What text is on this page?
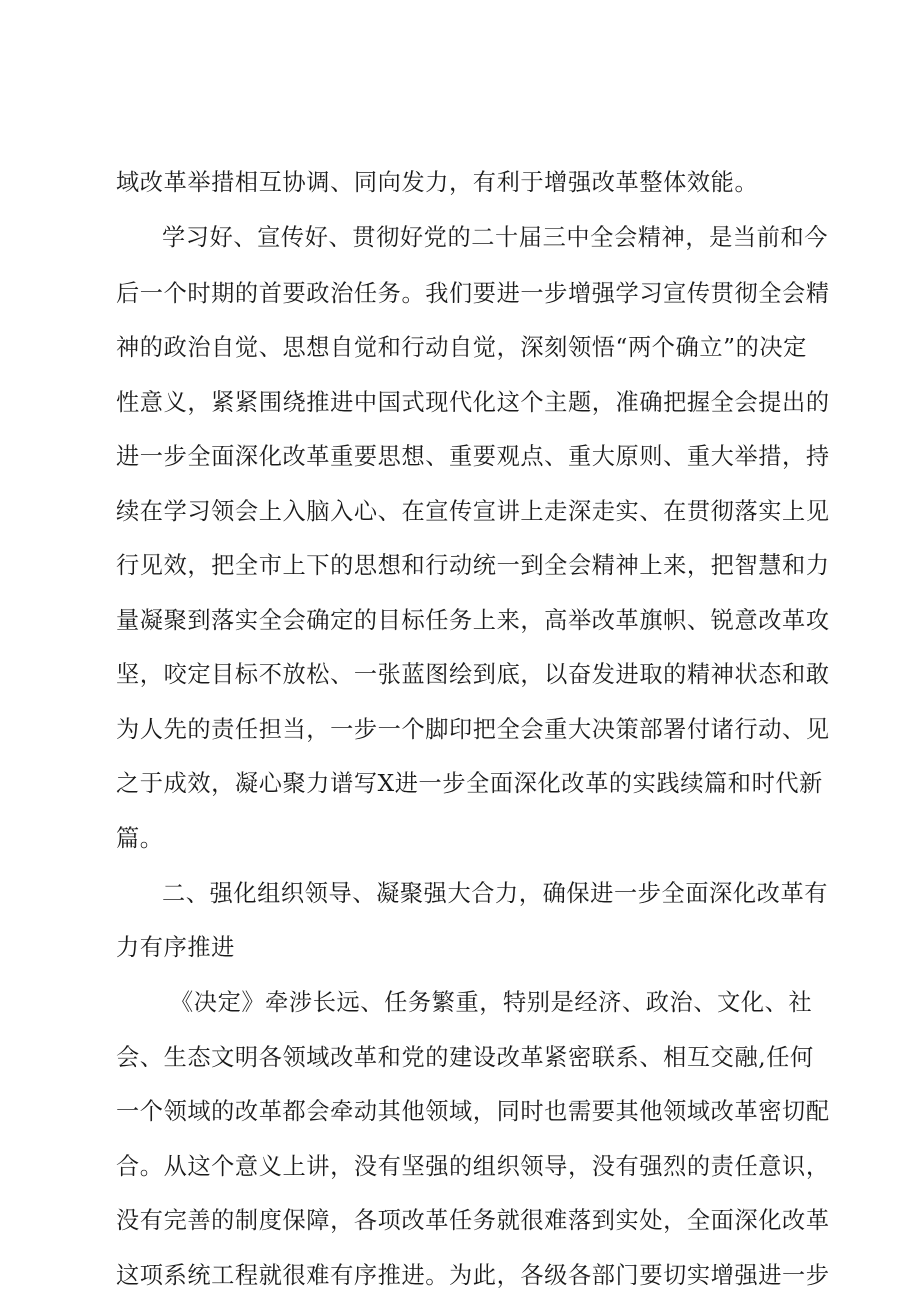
域改革举措相互协调、同向发力，有利于增强改革整体效能。
学习好、宣传好、贯彻好党的二十届三中全会精神，是当前和今
后一个时期的首要政治任务。我们要进一步增强学习宣传贯彻全会精
神的政治自觉、思想自觉和行动自觉，深刻领悟“两个确立”的决定
性意义，紧紧围绕推进中国式现代化这个主题，准确把握全会提出的
进一步全面深化改革重要思想、重要观点、重大原则、重大举措，持
续在学习领会上入脑入心、在宣传宣讲上走深走实、在贯彻落实上见
行见效，把全市上下的思想和行动统一到全会精神上来，把智慧和力
量凝聚到落实全会确定的目标任务上来，高举改革旗帜、锐意改革攻
坚，咬定目标不放松、一张蓝图绘到底，以奋发进取的精神状态和敢
为人先的责任担当，一步一个脚印把全会重大决策部署付诸行动、见
之于成效，凝心聚力谱写X进一步全面深化改革的实践续篇和时代新
篇。
二、强化组织领导、凝聚强大合力，确保进一步全面深化改革有
力有序推进
《决定》牵涉长远、任务繁重，特别是经济、政治、文化、社
会、生态文明各领域改革和党的建设改革紧密联系、相互交融,任何
一个领域的改革都会牵动其他领域，同时也需要其他领域改革密切配
合。从这个意义上讲，没有坚强的组织领导，没有强烈的责任意识，
没有完善的制度保障，各项改革任务就很难落到实处，全面深化改革
这项系统工程就很难有序推进。为此，各级各部门要切实增强进一步
